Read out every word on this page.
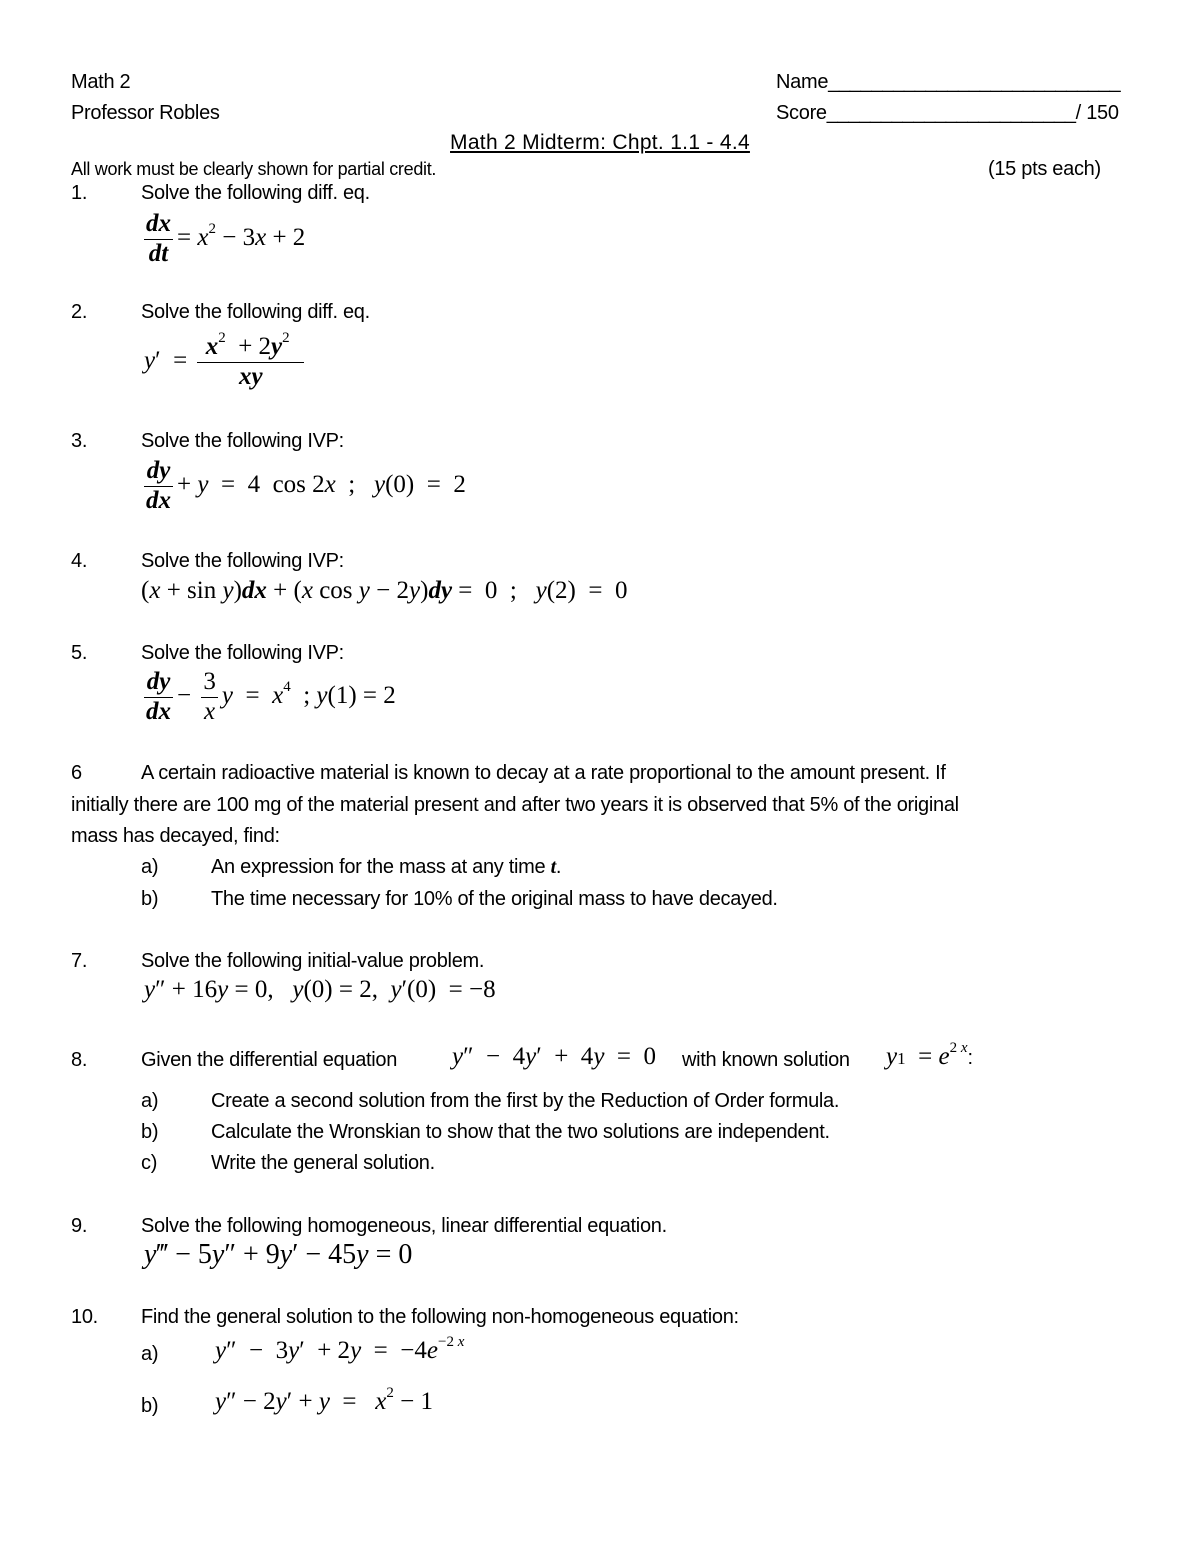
Math 2
Professor Robles
Name___________________________
Score_______________________/ 150
Math 2 Midterm: Chpt. 1.1 - 4.4
All work must be clearly shown for partial credit.	(15 pts each)
1.	Solve the following diff. eq.
$\frac{dx}{dt} = x^2 - 3x + 2$
2.	Solve the following diff. eq.
$y' = \frac{x^2 + 2y^2}{xy}$
3.	Solve the following IVP:
$\frac{dy}{dx} + y = 4$  cos 2x  ;   y(0)  =  2
4.	Solve the following IVP:
(x + sin y)dx + (x cos y − 2y)dy =  0  ;   y(2)  =  0
5.	Solve the following IVP:
$\frac{dy}{dx} - \frac{3}{x}$ $y = x^4$  ; y(1) = 2
6	A certain radioactive material is known to decay at a rate proportional to the amount present. If
initially there are 100 mg of the material present and after two years it is observed that 5% of the original
mass has decayed, find:
a)	An expression for the mass at any time t.
b)	The time necessary for 10% of the original mass to have decayed.
7.	Solve the following initial-value problem.
y″ + 16y = 0,   y(0) = 2,  y′(0)  = −8
8.	Given the differential equation y″  −  4y′  +  4y  =  0 with known solution $y1 = e^{2 x}$:
a)	Create a second solution from the first by the Reduction of Order formula.
b)	Calculate the Wronskian to show that the two solutions are independent.
c)	Write the general solution.
9.	Solve the following homogeneous, linear differential equation.
y‴ − 5y″ + 9y′ − 45y = 0
10. Find the general solution to the following non-homogeneous equation:
a) $y'' - 3y' + 2y = -4e^{-2 x}$
b) $y'' - 2y' + y = x^2 - 1$
